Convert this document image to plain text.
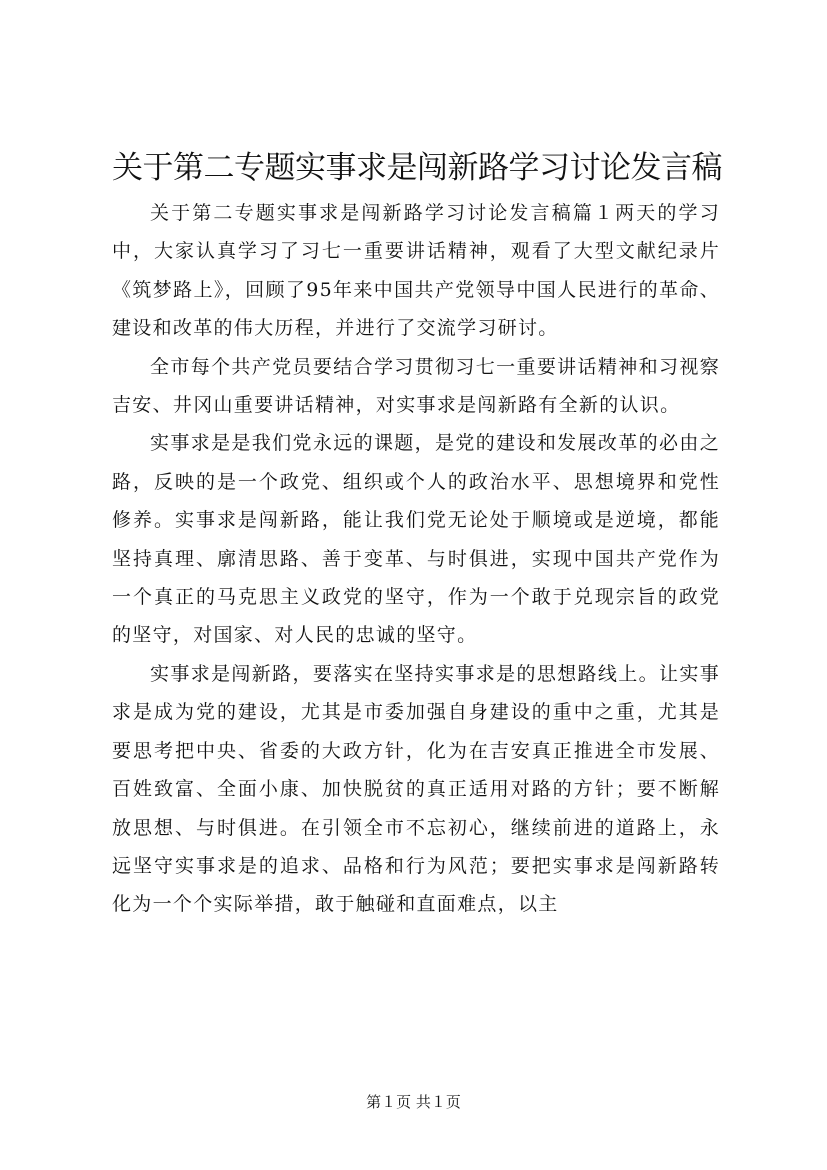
关于第二专题实事求是闯新路学习讨论发言稿

关于第二专题实事求是闯新路学习讨论发言稿篇１两天的学习中，大家认真学习了习七一重要讲话精神，观看了大型文献纪录片《筑梦路上》，回顾了95年来中国共产党领导中国人民进行的革命、建设和改革的伟大历程，并进行了交流学习研讨。

全市每个共产党员要结合学习贯彻习七一重要讲话精神和习视察吉安、井冈山重要讲话精神，对实事求是闯新路有全新的认识。

实事求是是我们党永远的课题，是党的建设和发展改革的必由之路，反映的是一个政党、组织或个人的政治水平、思想境界和党性修养。实事求是闯新路，能让我们党无论处于顺境或是逆境，都能坚持真理、廓清思路、善于变革、与时俱进，实现中国共产党作为一个真正的马克思主义政党的坚守，作为一个敢于兑现宗旨的政党的坚守，对国家、对人民的忠诚的坚守。

实事求是闯新路，要落实在坚持实事求是的思想路线上。让实事求是成为党的建设，尤其是市委加强自身建设的重中之重，尤其是要思考把中央、省委的大政方针，化为在吉安真正推进全市发展、百姓致富、全面小康、加快脱贫的真正适用对路的方针；要不断解放思想、与时俱进。在引领全市不忘初心，继续前进的道路上，永远坚守实事求是的追求、品格和行为风范；要把实事求是闯新路转化为一个个实际举措，敢于触碰和直面难点，以主

第１页 共１页
